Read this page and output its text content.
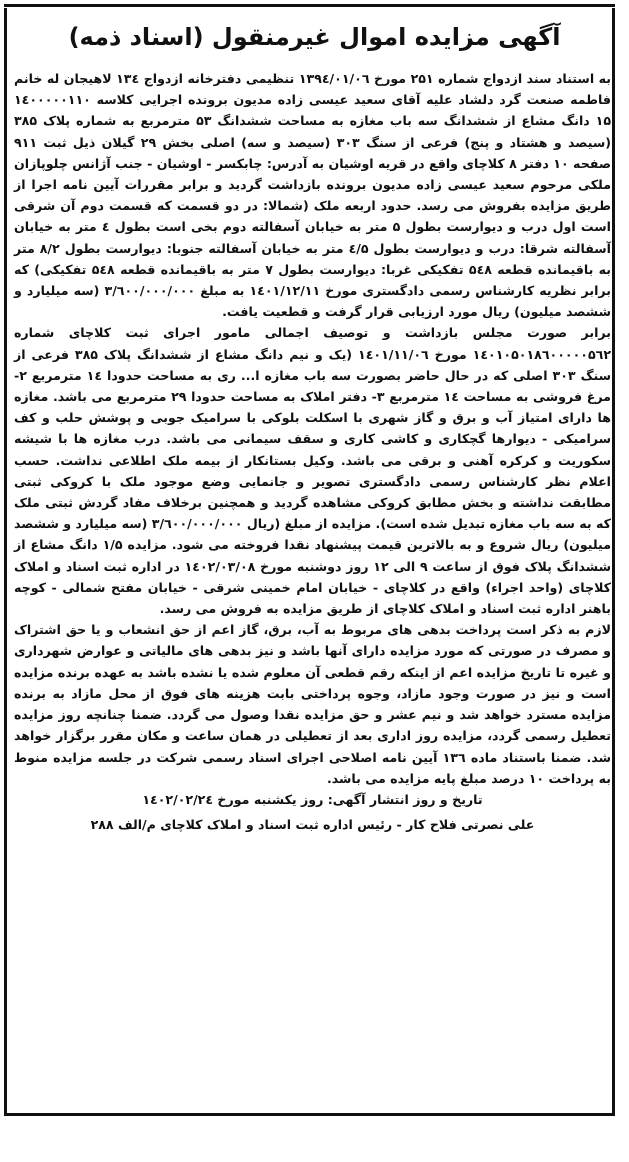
آگهی مزایده اموال غیرمنقول (اسناد ذمه)

به استناد سند ازدواج شماره ۲۵۱ مورخ ۱۳۹٤/۰۱/۰٦ تنظیمی دفترخانه ازدواج ۱۳٤ لاهیجان له خانم فاطمه صنعت گرد دلشاد علیه آقای سعید عیسی زاده مدیون برونده اجرایی کلاسه ۱٤۰۰۰۰۰۱۱۰ ۱۵ دانگ مشاع از ششدانگ سه باب مغازه به مساحت ششدانگ ۵۳ مترمربع به شماره پلاک ۳۸۵ (سیصد و هشتاد و پنج) فرعی از سنگ ۳۰۳ (سیصد و سه) اصلی بخش ۲۹ گیلان ذیل ثبت ۹۱۱ صفحه ۱۰ دفتر ۸ کلاچای واقع در قریه اوشیان به آدرس: چابکسر - اوشیان - جنب آژانس چلوپازان ملکی مرحوم سعید عیسی زاده مدیون برونده بازداشت گردید و برابر مقررات آیین نامه اجرا از طریق مزایده بفروش می رسد. حدود اربعه ملک (شمالا: در دو قسمت که قسمت دوم آن شرقی است اول درب و دیوارست بطول ۵ متر به خیابان آسفالته دوم بخی است بطول ٤ متر به خیابان آسفالته شرقا: درب و دیوارست بطول ٤/۵ متر به خیابان آسفالته جنوبا: دیوارست بطول ۸/۲ متر به باقیمانده قطعه ۵٤۸ تفکیکی غربا: دیوارست بطول ۷ متر به باقیمانده قطعه ۵٤۸ تفکیکی) که برابر نظریه کارشناس رسمی دادگستری مورخ ۱٤۰۱/۱۲/۱۱ به مبلغ ۳/٦۰۰/۰۰۰/۰۰۰ (سه میلیارد و ششصد میلیون) ریال مورد ارزیابی قرار گرفت و قطعیت یافت.

برابر صورت مجلس بازداشت و توصیف اجمالی مامور اجرای ثبت کلاچای شماره ۱٤۰۱۰۵۰۱۸٦۰۰۰۰۰۵٦۲ مورخ ۱٤۰۱/۱۱/۰٦ (یک و نیم دانگ مشاع از ششدانگ پلاک ۳۸۵ فرعی از سنگ ۳۰۳ اصلی که در حال حاضر بصورت سه باب مغازه ا... ری به مساحت حدودا ۱٤ مترمربع ۲- مرغ فروشی به مساحت ۱٤ مترمربع ۳- دفتر املاک به مساحت حدودا ۲۹ مترمربع می باشد. مغازه ها دارای امتیاز آب و برق و گاز شهری با اسکلت بلوکی با سرامیک جوبی و پوشش حلب و کف سرامیکی - دیوارها گچکاری و کاشی کاری و سقف سیمانی می باشد. درب مغازه ها با شیشه سکوریت و کرکره آهنی و برقی می باشد. وکیل بستانکار از بیمه ملک اطلاعی نداشت. حسب اعلام نظر کارشناس رسمی دادگستری تصویر و جانمایی وضع موجود ملک با کروکی ثبتی مطابقت نداشته و بخش مطابق کروکی مشاهده گردید و همچنین برخلاف مفاد گردش ثبتی ملک که به سه باب مغازه تبدیل شده است). مزایده از مبلغ (ریال ۳/٦۰۰/۰۰۰/۰۰۰ (سه میلیارد و ششصد میلیون) ریال شروع و به بالاترین قیمت پیشنهاد نقدا فروخته می شود. مزایده ۱/۵ دانگ مشاع از ششدانگ پلاک فوق از ساعت ۹ الی ۱۲ روز دوشنبه مورخ ۱٤۰۲/۰۳/۰۸ در اداره ثبت اسناد و املاک کلاچای (واحد اجراء) واقع در کلاچای - خیابان امام خمینی شرقی - خیابان مفتح شمالی - کوچه باهنر اداره ثبت اسناد و املاک کلاچای از طریق مزایده به فروش می رسد.

لازم به ذکر است پرداخت بدهی های مربوط به آب، برق، گاز اعم از حق انشعاب و یا حق اشتراک و مصرف در صورتی که مورد مزایده دارای آنها باشد و نیز بدهی های مالیاتی و عوارض شهرداری و غیره تا تاریخ مزایده اعم از اینکه رقم قطعی آن معلوم شده یا نشده باشد به عهده برنده مزایده است و نیز در صورت وجود مازاد، وجوه پرداختی بابت هزینه های فوق از محل مازاد به برنده مزایده مسترد خواهد شد و نیم عشر و حق مزایده نقدا وصول می گردد. ضمنا چنانچه روز مزایده تعطیل رسمی گردد، مزایده روز اداری بعد از تعطیلی در همان ساعت و مکان مقرر برگزار خواهد شد. ضمنا باستناد ماده ۱۳٦ آیین نامه اصلاحی اجرای اسناد رسمی شرکت در جلسه مزایده منوط به پرداخت ۱۰ درصد مبلغ پایه مزایده می باشد.

تاریخ و روز انتشار آگهی: روز یکشنبه مورخ ۱٤۰۲/۰۲/۲٤

علی نصرتی فلاح کار - رئیس اداره ثبت اسناد و املاک کلاچای م/الف ۲۸۸
